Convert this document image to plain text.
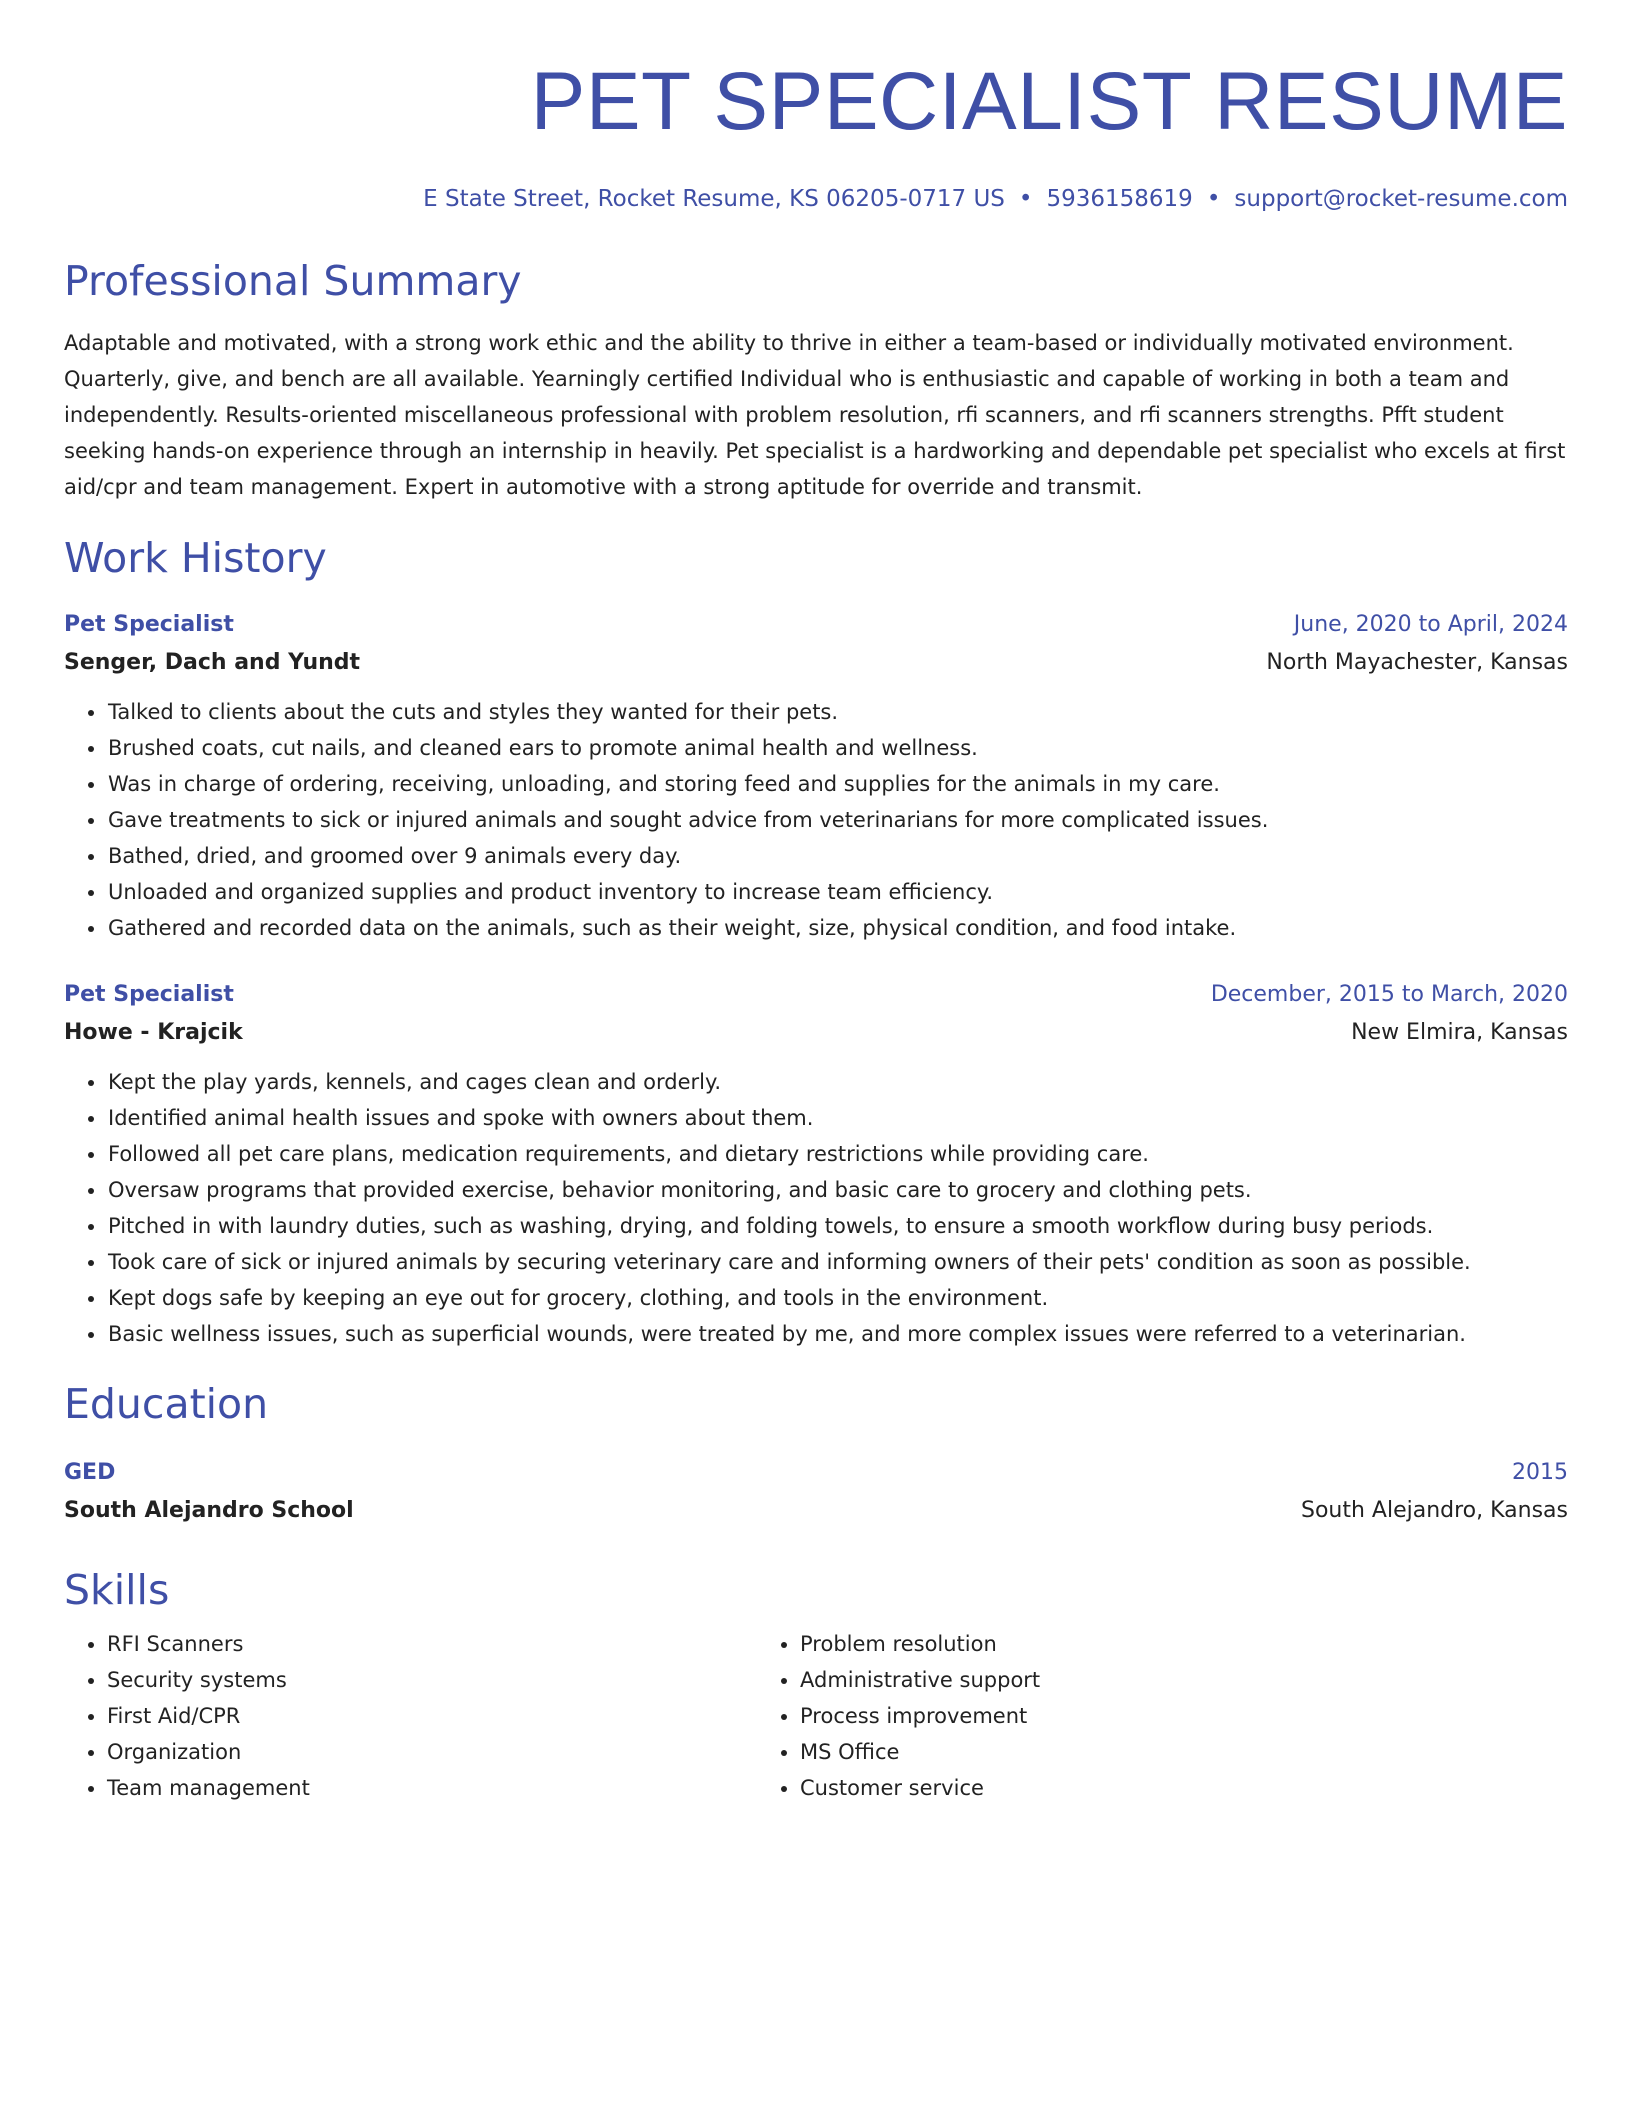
PET SPECIALIST RESUME
E State Street, Rocket Resume, KS 06205-0717 US • 5936158619 • support@rocket-resume.com
Professional Summary
Adaptable and motivated, with a strong work ethic and the ability to thrive in either a team-based or individually motivated environment. Quarterly, give, and bench are all available. Yearningly certified Individual who is enthusiastic and capable of working in both a team and independently. Results-oriented miscellaneous professional with problem resolution, rfi scanners, and rfi scanners strengths. Pfft student seeking hands-on experience through an internship in heavily. Pet specialist is a hardworking and dependable pet specialist who excels at first aid/cpr and team management. Expert in automotive with a strong aptitude for override and transmit.
Work History
Pet Specialist	June, 2020 to April, 2024
Senger, Dach and Yundt	North Mayachester, Kansas
• Talked to clients about the cuts and styles they wanted for their pets.
• Brushed coats, cut nails, and cleaned ears to promote animal health and wellness.
• Was in charge of ordering, receiving, unloading, and storing feed and supplies for the animals in my care.
• Gave treatments to sick or injured animals and sought advice from veterinarians for more complicated issues.
• Bathed, dried, and groomed over 9 animals every day.
• Unloaded and organized supplies and product inventory to increase team efficiency.
• Gathered and recorded data on the animals, such as their weight, size, physical condition, and food intake.
Pet Specialist	December, 2015 to March, 2020
Howe - Krajcik	New Elmira, Kansas
• Kept the play yards, kennels, and cages clean and orderly.
• Identified animal health issues and spoke with owners about them.
• Followed all pet care plans, medication requirements, and dietary restrictions while providing care.
• Oversaw programs that provided exercise, behavior monitoring, and basic care to grocery and clothing pets.
• Pitched in with laundry duties, such as washing, drying, and folding towels, to ensure a smooth workflow during busy periods.
• Took care of sick or injured animals by securing veterinary care and informing owners of their pets' condition as soon as possible.
• Kept dogs safe by keeping an eye out for grocery, clothing, and tools in the environment.
• Basic wellness issues, such as superficial wounds, were treated by me, and more complex issues were referred to a veterinarian.
Education
GED	2015
South Alejandro School	South Alejandro, Kansas
Skills
• RFI Scanners
• Security systems
• First Aid/CPR
• Organization
• Team management
• Problem resolution
• Administrative support
• Process improvement
• MS Office
• Customer service
